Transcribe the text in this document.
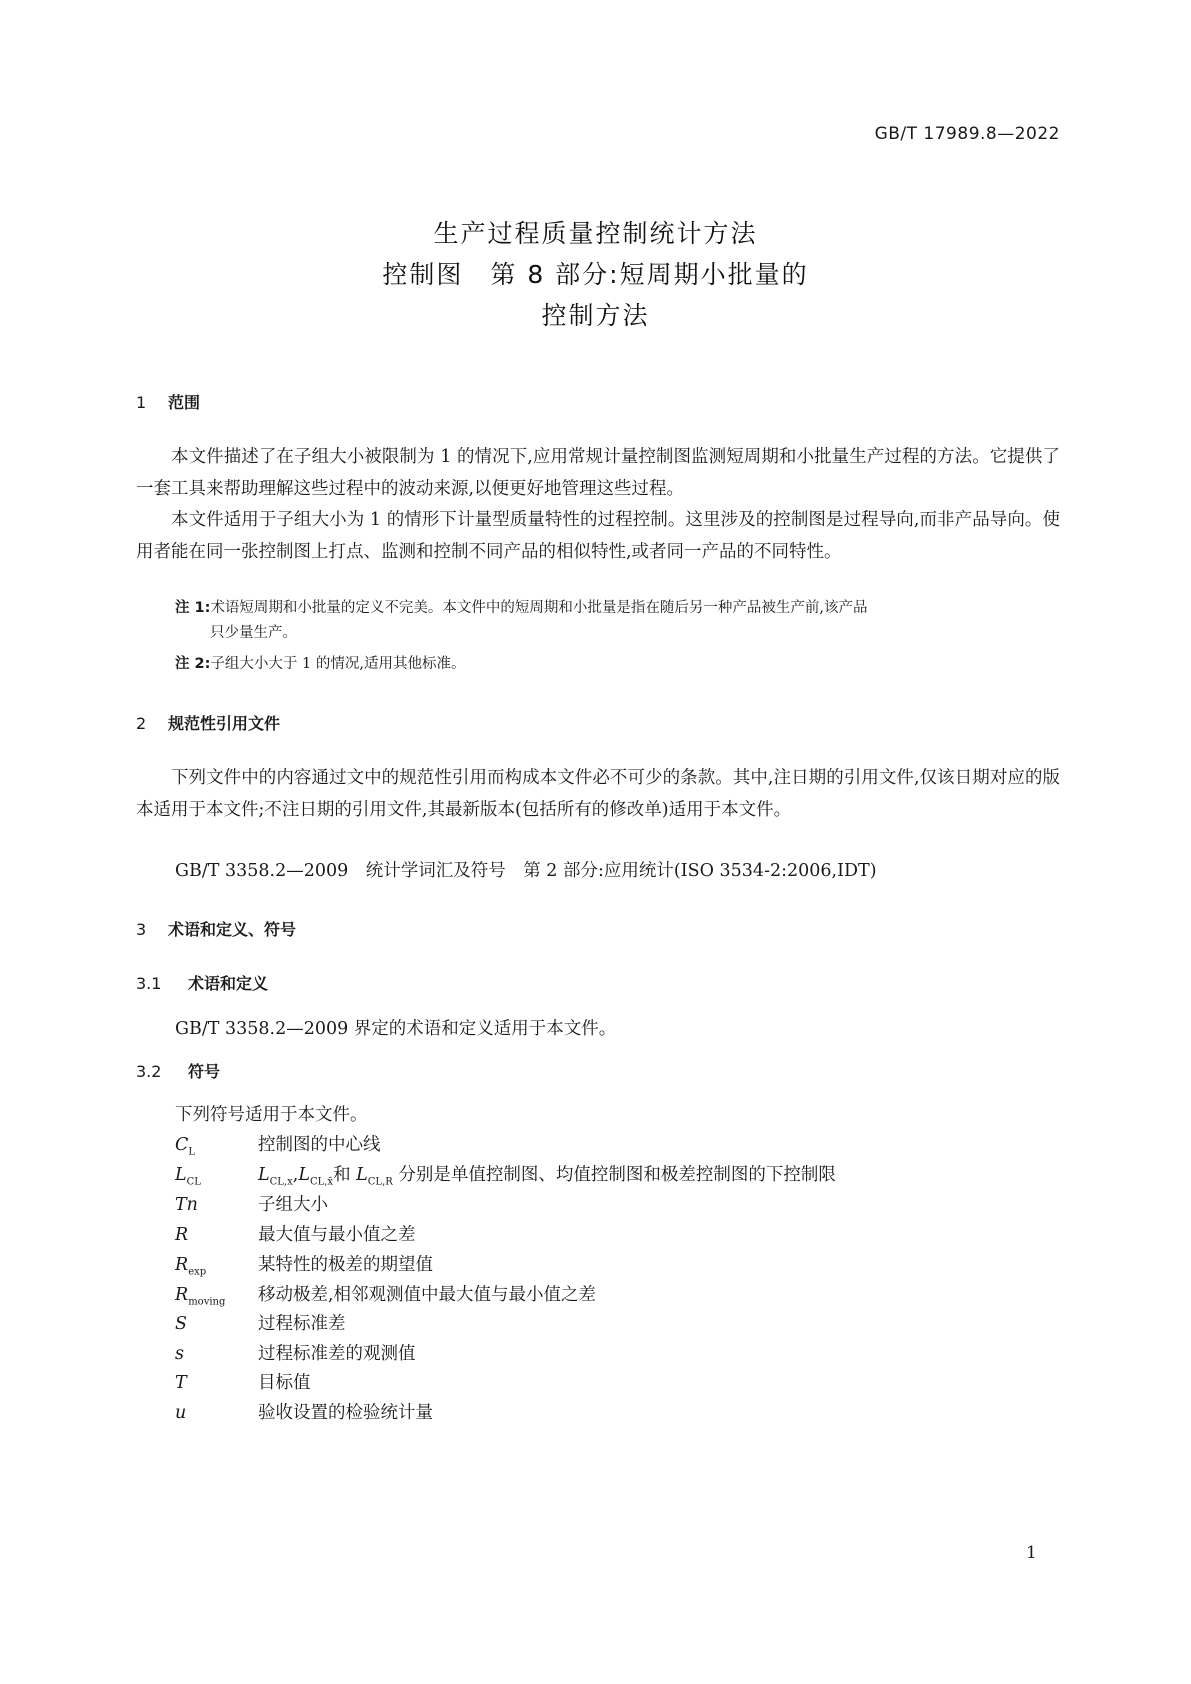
GB/T 17989.8—2022
生产过程质量控制统计方法
控制图　第 8 部分:短周期小批量的
控制方法
1 范围
本文件描述了在子组大小被限制为 1 的情况下,应用常规计量控制图监测短周期和小批量生产过程的方法。它提供了一套工具来帮助理解这些过程中的波动来源,以便更好地管理这些过程。
本文件适用于子组大小为 1 的情形下计量型质量特性的过程控制。这里涉及的控制图是过程导向,而非产品导向。使用者能在同一张控制图上打点、监测和控制不同产品的相似特性,或者同一产品的不同特性。
注 1:术语短周期和小批量的定义不完美。本文件中的短周期和小批量是指在随后另一种产品被生产前,该产品
只少量生产。
注 2:子组大小大于 1 的情况,适用其他标准。
2 规范性引用文件
下列文件中的内容通过文中的规范性引用而构成本文件必不可少的条款。其中,注日期的引用文件,仅该日期对应的版本适用于本文件;不注日期的引用文件,其最新版本(包括所有的修改单)适用于本文件。
GB/T 3358.2—2009　统计学词汇及符号　第 2 部分:应用统计(ISO 3534-2:2006,IDT)
3 术语和定义、符号
3.1 术语和定义
GB/T 3358.2—2009 界定的术语和定义适用于本文件。
3.2 符号
下列符号适用于本文件。
$C_L$	控制图的中心线
$L_{CL}$	$L_{CL,x},L_{CL,x̄}$和 $L_{CL,R}$ 分别是单值控制图、均值控制图和极差控制图的下控制限
Tn	子组大小
R	最大值与最小值之差
$R_{exp}$	某特性的极差的期望值
$R_{moving}$ 移动极差,相邻观测值中最大值与最小值之差
S	过程标准差
s	过程标准差的观测值
T	目标值
u	验收设置的检验统计量
1
